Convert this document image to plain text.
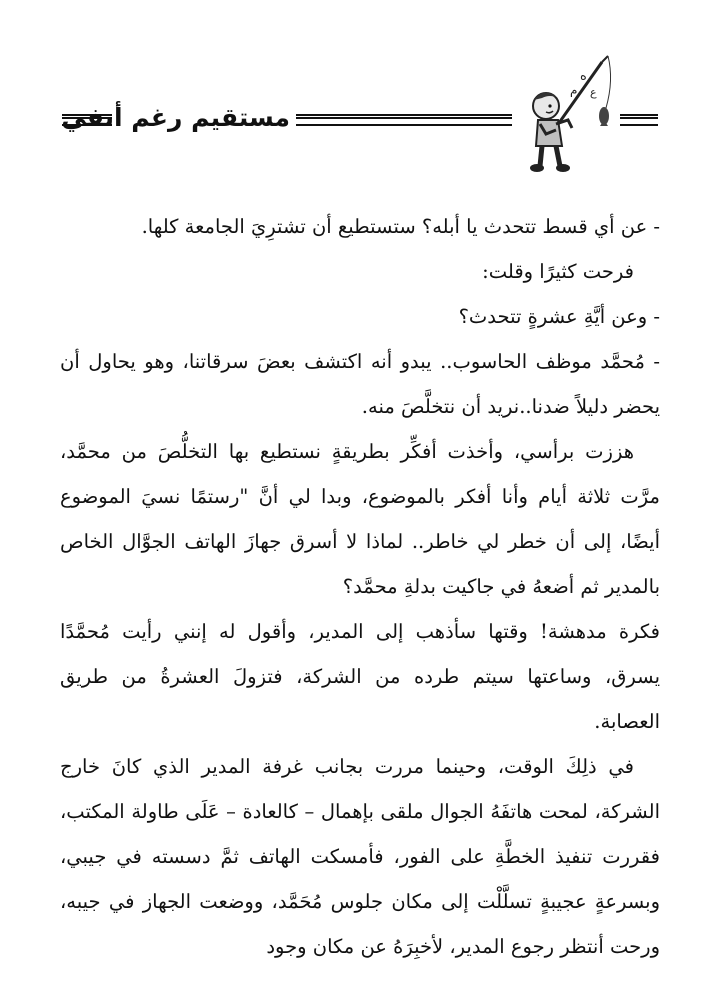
مستقيم رغم أنفي
ه
م ع

- عن أي قسط تتحدث يا أبله؟ ستستطيع أن تشترِيَ الجامعة كلها.

فرحت كثيرًا وقلت:

- وعن أيَّةِ عشرةٍ تتحدث؟

- مُحمَّد موظف الحاسوب.. يبدو أنه اكتشف بعضَ سرقاتنا، وهو يحاول أن يحضر دليلاً ضدنا..نريد أن نتخلَّصَ منه.

هززت برأسي، وأخذت أفكِّر بطريقةٍ نستطيع بها التخلُّصَ من محمَّد، مرَّت ثلاثة أيام وأنا أفكر بالموضوع، وبدا لي أنَّ "رستمًا نسيَ الموضوع أيضًا، إلى أن خطر لي خاطر.. لماذا لا أسرق جهازَ الهاتف الجوَّال الخاص بالمدير ثم أضعهُ في جاكيت بدلةِ محمَّد؟

فكرة مدهشة! وقتها سأذهب إلى المدير، وأقول له إنني رأيت مُحمَّدًا يسرق، وساعتها سيتم طرده من الشركة، فتزولَ العشرةُ من طريق العصابة.

في ذلِكَ الوقت، وحينما مررت بجانب غرفة المدير الذي كانَ خارج الشركة، لمحت هاتفَهُ الجوال ملقى بإهمال – كالعادة – عَلَى طاولة المكتب، فقررت تنفيذ الخطَّةِ على الفور، فأمسكت الهاتف ثمَّ دسسته في جيبي، وبسرعةٍ عجيبةٍ تسلَّلْت إلى مكان جلوس مُحَمَّد، ووضعت الجهاز في جيبه، ورحت أنتظر رجوع المدير، لأخبِرَهُ عن مكان وجود
